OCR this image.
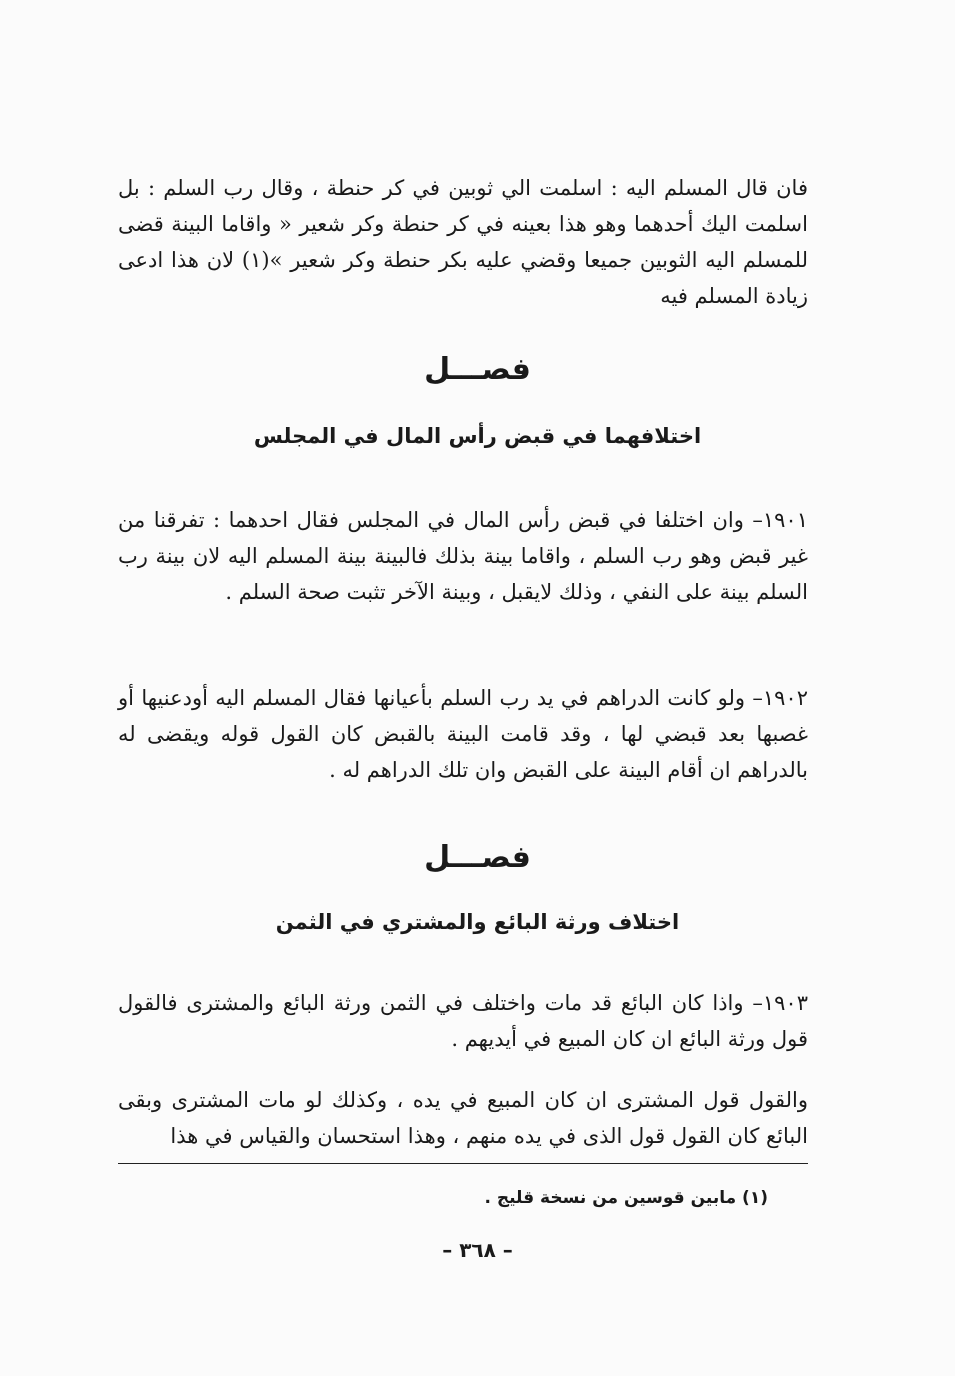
فان قال المسلم اليه : اسلمت الي ثوبين في كر حنطة ، وقال رب السلم : بل اسلمت اليك أحدهما وهو هذا بعينه في كر حنطة وكر شعير « واقاما البينة قضى للمسلم اليه الثوبين جميعا وقضي عليه بكر حنطة وكر شعير »(١) لان هذا ادعى زيادة المسلم فيه

فصـــل
اختلافهما في قبض رأس المال في المجلس

١٩٠١– وان اختلفا في قبض رأس المال في المجلس فقال احدهما : تفرقنا من غير قبض وهو رب السلم ، واقاما بينة بذلك فالبينة بينة المسلم اليه لان بينة رب السلم بينة على النفي ، وذلك لايقبل ، وبينة الآخر تثبت صحة السلم .

١٩٠٢– ولو كانت الدراهم في يد رب السلم بأعيانها فقال المسلم اليه أودعنيها أو غصبها بعد قبضي لها ، وقد قامت البينة بالقبض كان القول قوله ويقضى له بالدراهم ان أقام البينة على القبض وان تلك الدراهم له .

فصـــل
اختلاف ورثة البائع والمشتري في الثمن

١٩٠٣– واذا كان البائع قد مات واختلف في الثمن ورثة البائع والمشترى فالقول قول ورثة البائع ان كان المبيع في أيديهم .

والقول قول المشترى ان كان المبيع في يده ، وكذلك لو مات المشترى وبقى البائع كان القول قول الذى في يده منهم ، وهذا استحسان والقياس في هذا

(١) مابين قوسين من نسخة قليج .

– ٣٦٨ –
